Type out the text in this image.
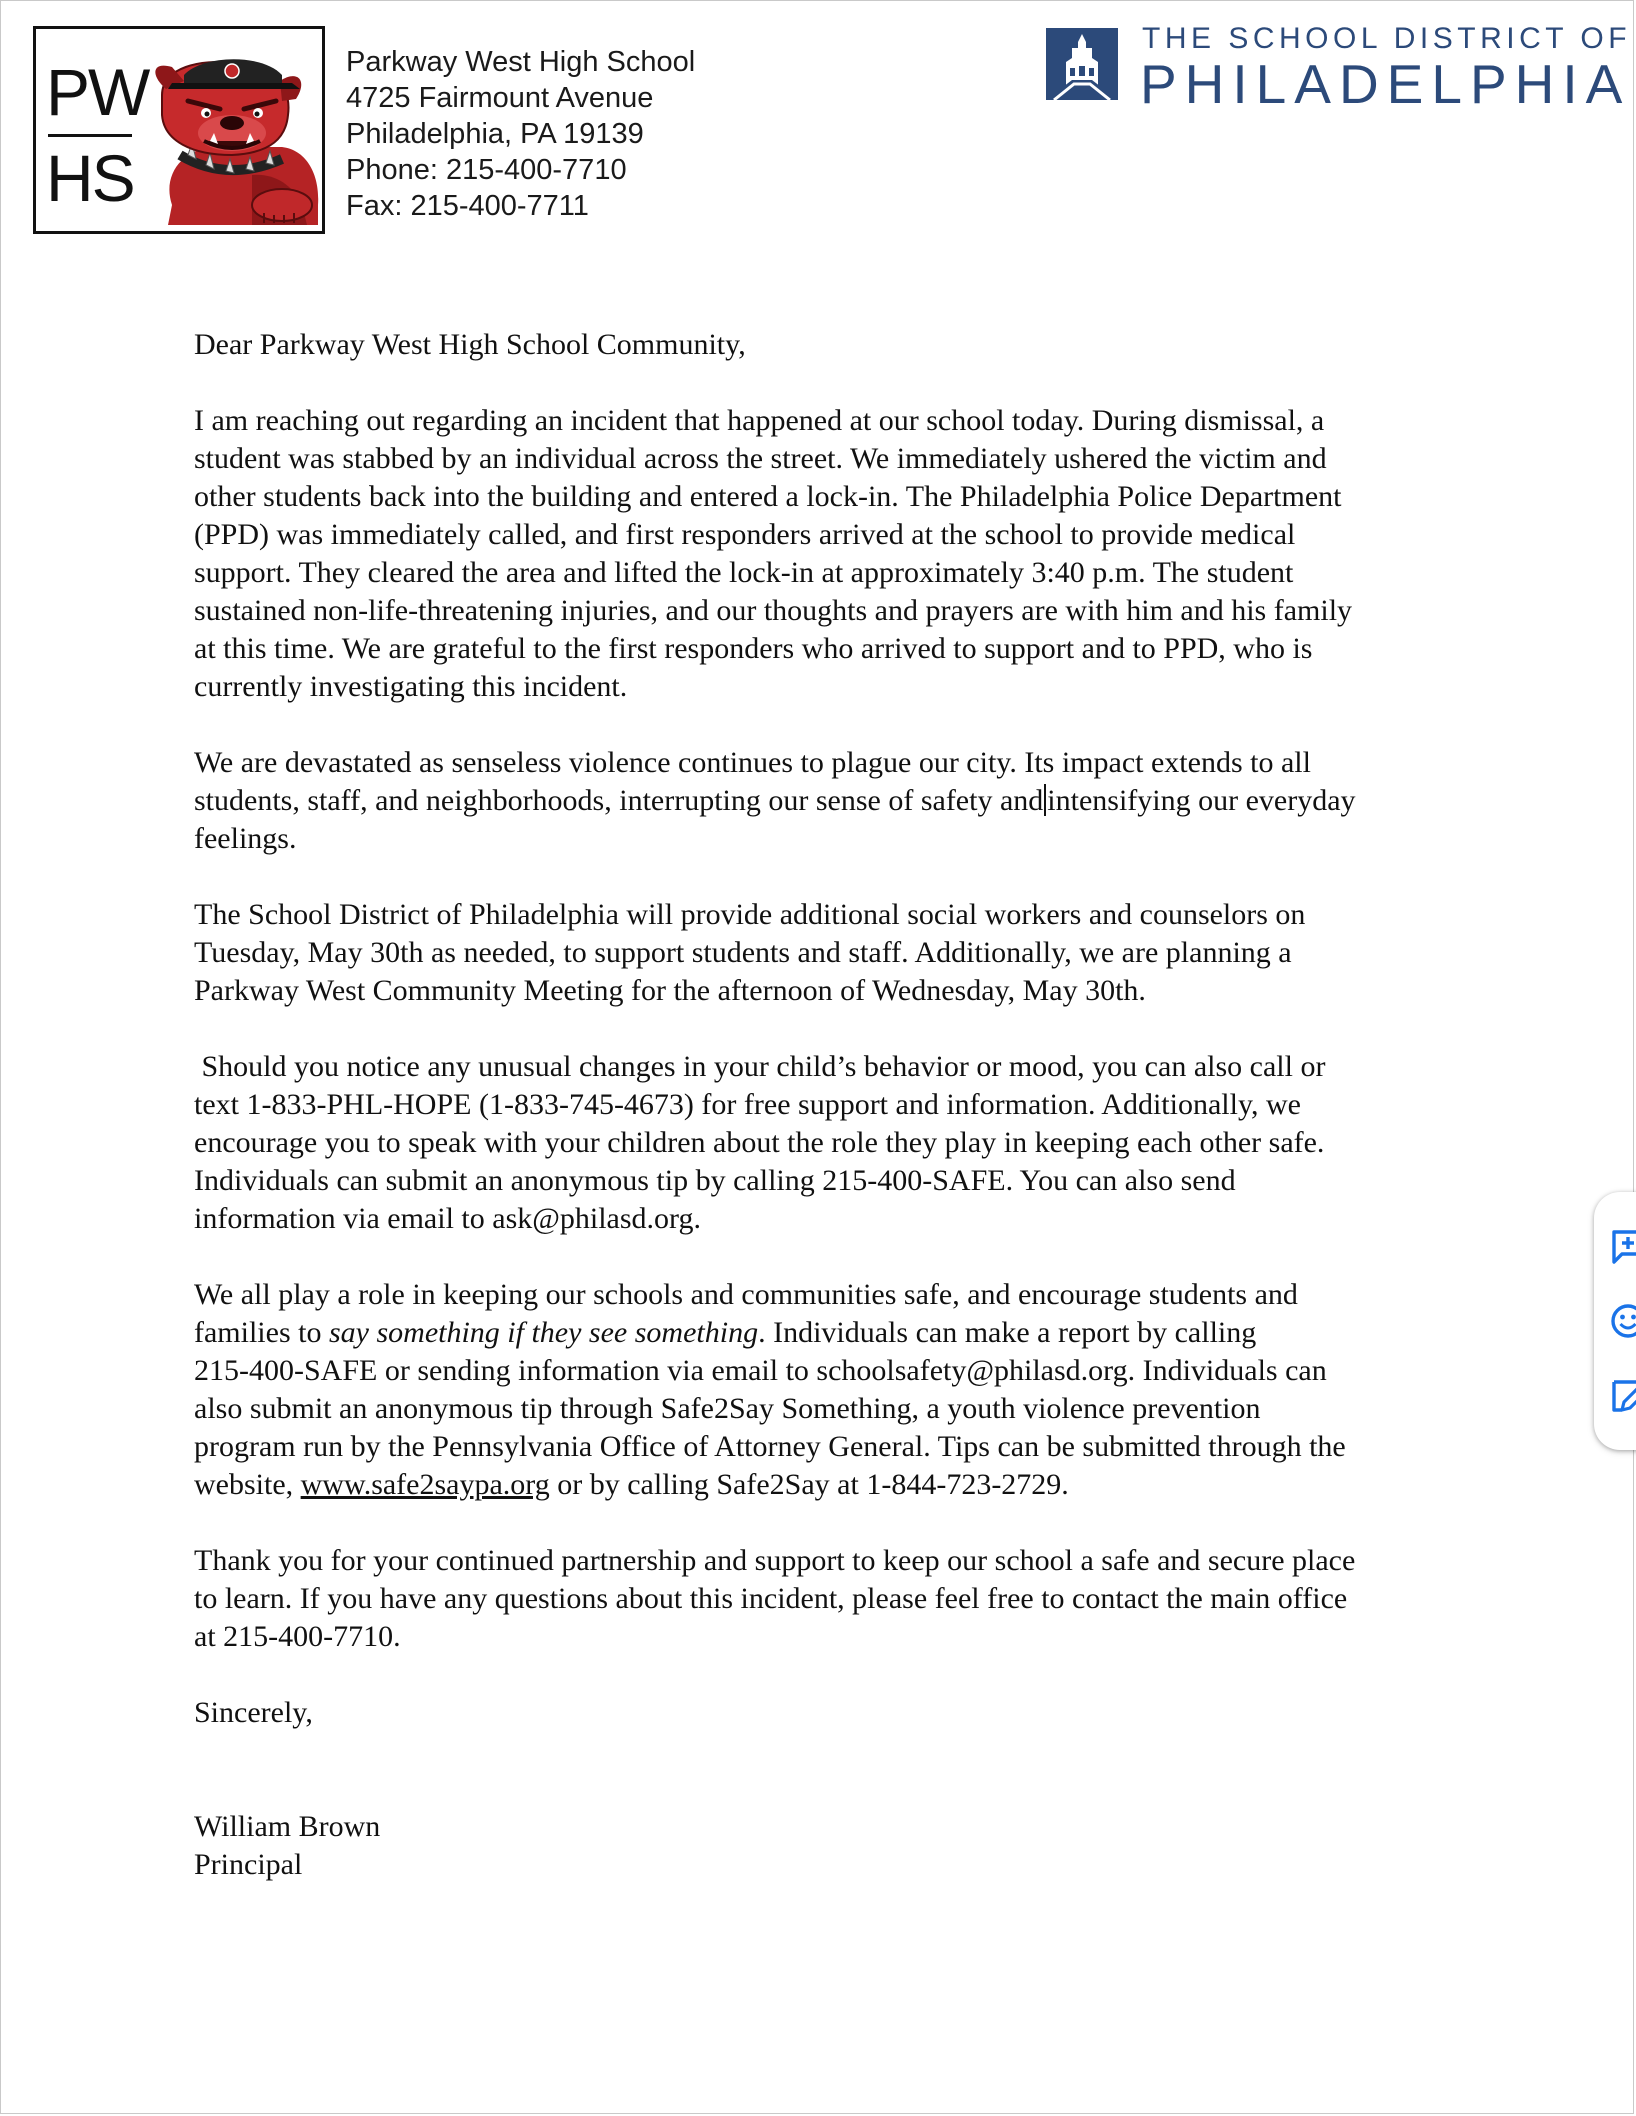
PW
HS
Parkway West High School
4725 Fairmount Avenue
Philadelphia, PA 19139
Phone: 215-400-7710
Fax: 215-400-7711
THE SCHOOL DISTRICT OF
PHILADELPHIA

Dear Parkway West High School Community,

I am reaching out regarding an incident that happened at our school today. During dismissal, a
student was stabbed by an individual across the street. We immediately ushered the victim and
other students back into the building and entered a lock-in. The Philadelphia Police Department
(PPD) was immediately called, and first responders arrived at the school to provide medical
support. They cleared the area and lifted the lock-in at approximately 3:40 p.m. The student
sustained non-life-threatening injuries, and our thoughts and prayers are with him and his family
at this time. We are grateful to the first responders who arrived to support and to PPD, who is
currently investigating this incident.

We are devastated as senseless violence continues to plague our city. Its impact extends to all
students, staff, and neighborhoods, interrupting our sense of safety and intensifying our everyday
feelings.

The School District of Philadelphia will provide additional social workers and counselors on
Tuesday, May 30th as needed, to support students and staff. Additionally, we are planning a
Parkway West Community Meeting for the afternoon of Wednesday, May 30th.

Should you notice any unusual changes in your child’s behavior or mood, you can also call or
text 1-833-PHL-HOPE (1-833-745-4673) for free support and information. Additionally, we
encourage you to speak with your children about the role they play in keeping each other safe.
Individuals can submit an anonymous tip by calling 215-400-SAFE. You can also send
information via email to ask@philasd.org.

We all play a role in keeping our schools and communities safe, and encourage students and
families to say something if they see something. Individuals can make a report by calling
215-400-SAFE or sending information via email to schoolsafety@philasd.org. Individuals can
also submit an anonymous tip through Safe2Say Something, a youth violence prevention
program run by the Pennsylvania Office of Attorney General. Tips can be submitted through the
website, www.safe2saypa.org or by calling Safe2Say at 1-844-723-2729.

Thank you for your continued partnership and support to keep our school a safe and secure place
to learn. If you have any questions about this incident, please feel free to contact the main office
at 215-400-7710.

Sincerely,

William Brown

Principal
